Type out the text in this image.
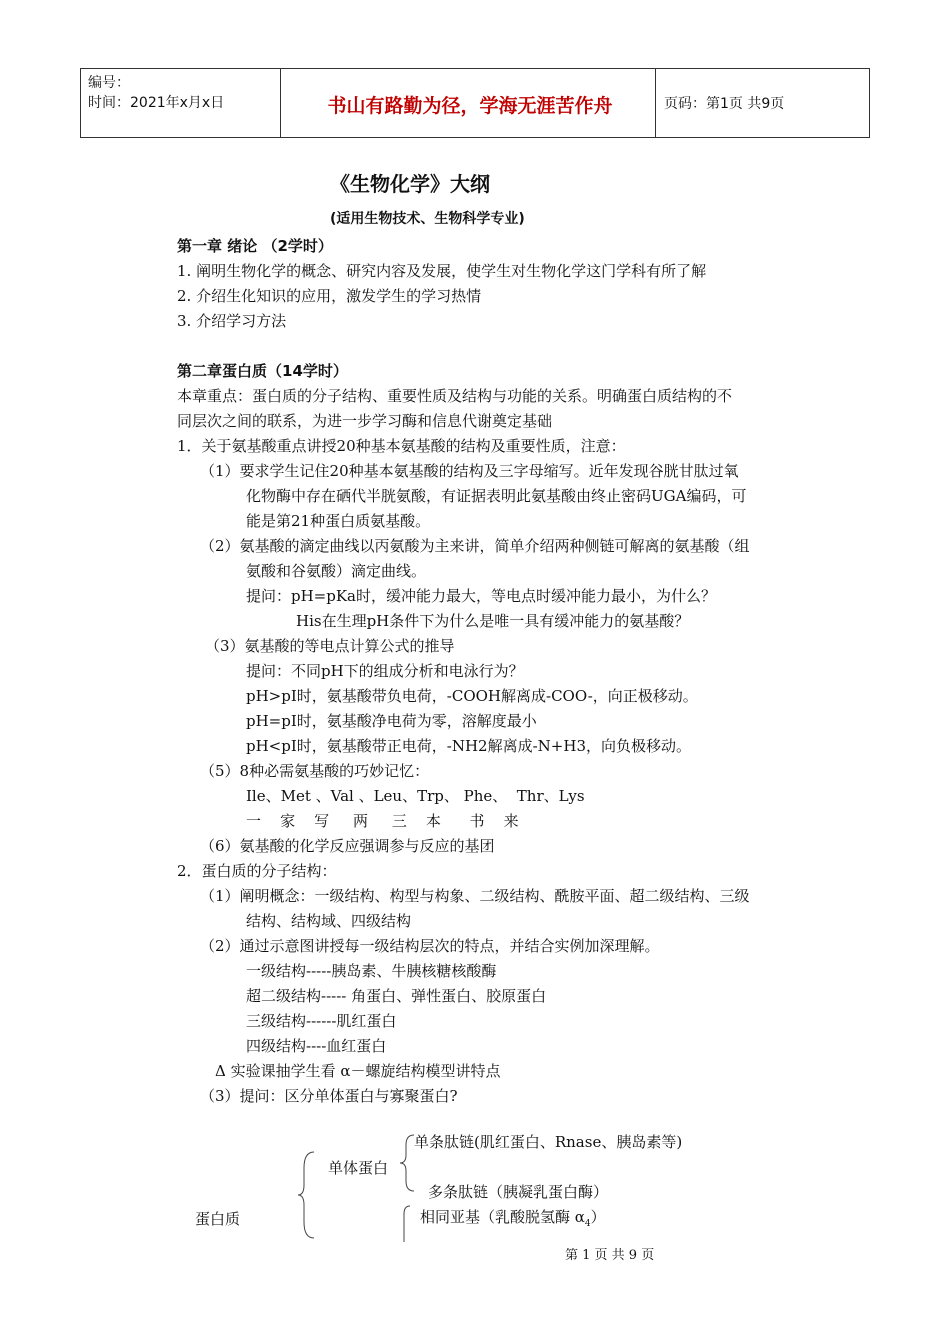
编号：
时间：2021年x月x日	书山有路勤为径，学海无涯苦作舟	页码：第1页 共9页
《生物化学》大纲
(适用生物技术、生物科学专业)
第一章 绪论 （2学时）
1. 阐明生物化学的概念、研究内容及发展，使学生对生物化学这门学科有所了解
2. 介绍生化知识的应用，激发学生的学习热情
3. 介绍学习方法
第二章蛋白质（14学时）
本章重点：蛋白质的分子结构、重要性质及结构与功能的关系。明确蛋白质结构的不
同层次之间的联系，为进一步学习酶和信息代谢奠定基础
1．关于氨基酸重点讲授20种基本氨基酸的结构及重要性质，注意：
（1）要求学生记住20种基本氨基酸的结构及三字母缩写。近年发现谷胱甘肽过氧
化物酶中存在硒代半胱氨酸，有证据表明此氨基酸由终止密码UGA编码，可
能是第21种蛋白质氨基酸。
（2）氨基酸的滴定曲线以丙氨酸为主来讲，简单介绍两种侧链可解离的氨基酸（组
氨酸和谷氨酸）滴定曲线。
提问：pH=pKa时，缓冲能力最大，等电点时缓冲能力最小，为什么？
His在生理pH条件下为什么是唯一具有缓冲能力的氨基酸？
（3）氨基酸的等电点计算公式的推导
提问：不同pH下的组成分析和电泳行为？
pH>pI时，氨基酸带负电荷，-COOH解离成-COO-，向正极移动。
pH=pI时，氨基酸净电荷为零，溶解度最小
pH<pI时，氨基酸带正电荷，-NH2解离成-N+H3，向负极移动。
（5）8种必需氨基酸的巧妙记忆：
Ile、Met 、Val 、Leu、Trp、 Phe、  Thr、Lys
一    家    写     两     三    本      书    来
（6）氨基酸的化学反应强调参与反应的基团
2．蛋白质的分子结构：
（1）阐明概念：一级结构、构型与构象、二级结构、酰胺平面、超二级结构、三级
结构、结构域、四级结构
（2）通过示意图讲授每一级结构层次的特点，并结合实例加深理解。
一级结构-----胰岛素、牛胰核糖核酸酶
超二级结构----- 角蛋白、弹性蛋白、胶原蛋白
三级结构------肌红蛋白
四级结构----血红蛋白
Δ 实验课抽学生看 α－螺旋结构模型讲特点
（3）提问：区分单体蛋白与寡聚蛋白?
蛋白质
单体蛋白
单条肽链(肌红蛋白、Rnase、胰岛素等)
多条肽链（胰凝乳蛋白酶）
相同亚基（乳酸脱氢酶 $\alpha_4$）
第 1 页 共 9 页
